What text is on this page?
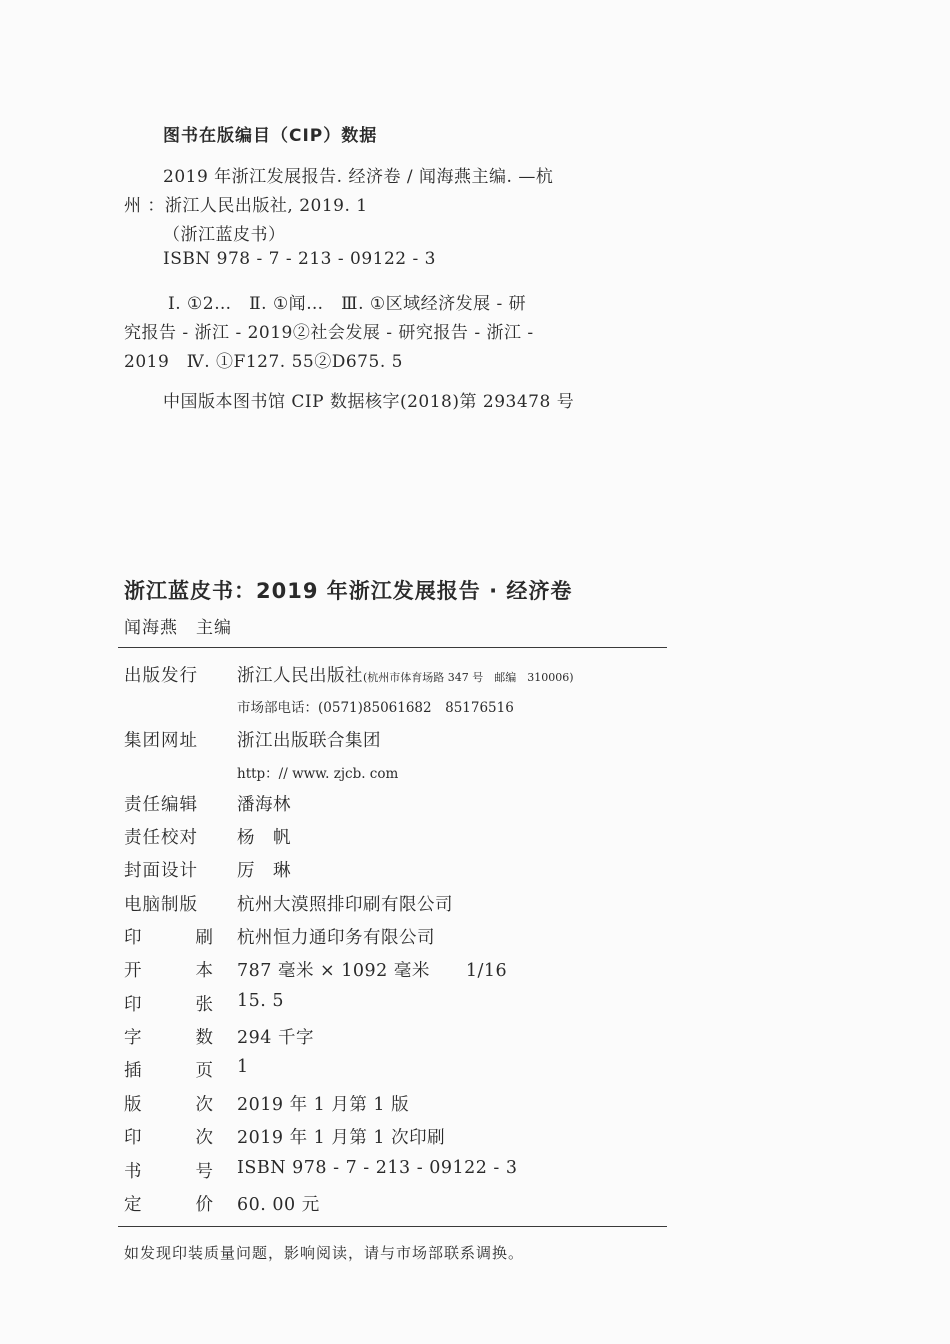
图书在版编目（CIP）数据
2019 年浙江发展报告. 经济卷 / 闻海燕主编. —杭
州 ：浙江人民出版社, 2019. 1
（浙江蓝皮书）
ISBN 978 - 7 - 213 - 09122 - 3
Ⅰ. ①2…　Ⅱ. ①闻…　Ⅲ. ①区域经济发展 - 研
究报告 - 浙江 - 2019②社会发展 - 研究报告 - 浙江 -
2019　Ⅳ. ①F127. 55②D675. 5
中国版本图书馆 CIP 数据核字(2018)第 293478 号
浙江蓝皮书：2019 年浙江发展报告 · 经济卷
闻海燕　主编
出版发行	浙江人民出版社(杭州市体育场路 347 号　邮编　310006)
市场部电话：(0571)85061682　85176516
集团网址	浙江出版联合集团
http：// www. zjcb. com
责任编辑	潘海林
责任校对	杨　帆
封面设计	厉　琳
电脑制版	杭州大漠照排印刷有限公司
印	刷 杭州恒力通印务有限公司
开	本 787 毫米 × 1092 毫米　　1/16
印	张 15. 5
字	数 294 千字
插	页 1
版	次 2019 年 1 月第 1 版
印	次 2019 年 1 月第 1 次印刷
书	号 ISBN 978 - 7 - 213 - 09122 - 3
定	价 60. 00 元
如发现印装质量问题，影响阅读，请与市场部联系调换。
